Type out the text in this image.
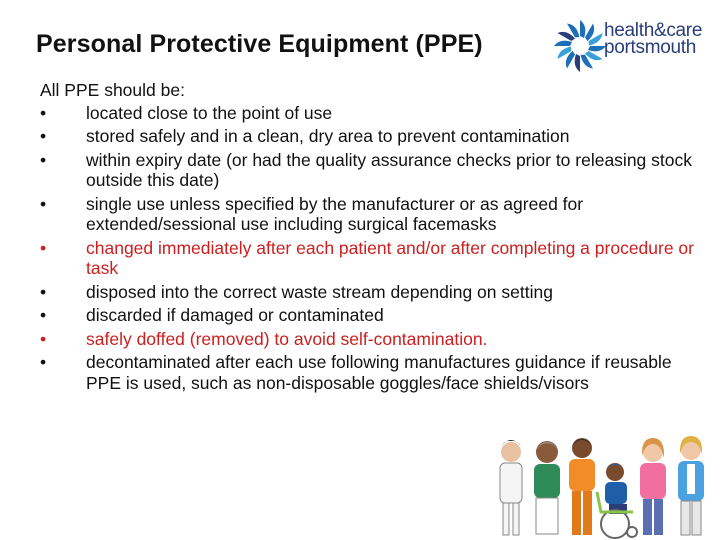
Personal Protective Equipment (PPE)	health&care
portsmouth
All PPE should be:
•	located close to the point of use
•	stored safely and in a clean, dry area to prevent contamination
•	within expiry date (or had the quality assurance checks prior to releasing stock outside this date)
•	single use unless specified by the manufacturer or as agreed for extended/sessional use including surgical facemasks
•	changed immediately after each patient and/or after completing a procedure or task
•	disposed into the correct waste stream depending on setting
•	discarded if damaged or contaminated
•	safely doffed (removed) to avoid self-contamination.
•	decontaminated after each use following manufactures guidance if reusable PPE is used, such as non-disposable goggles/face shields/visors
